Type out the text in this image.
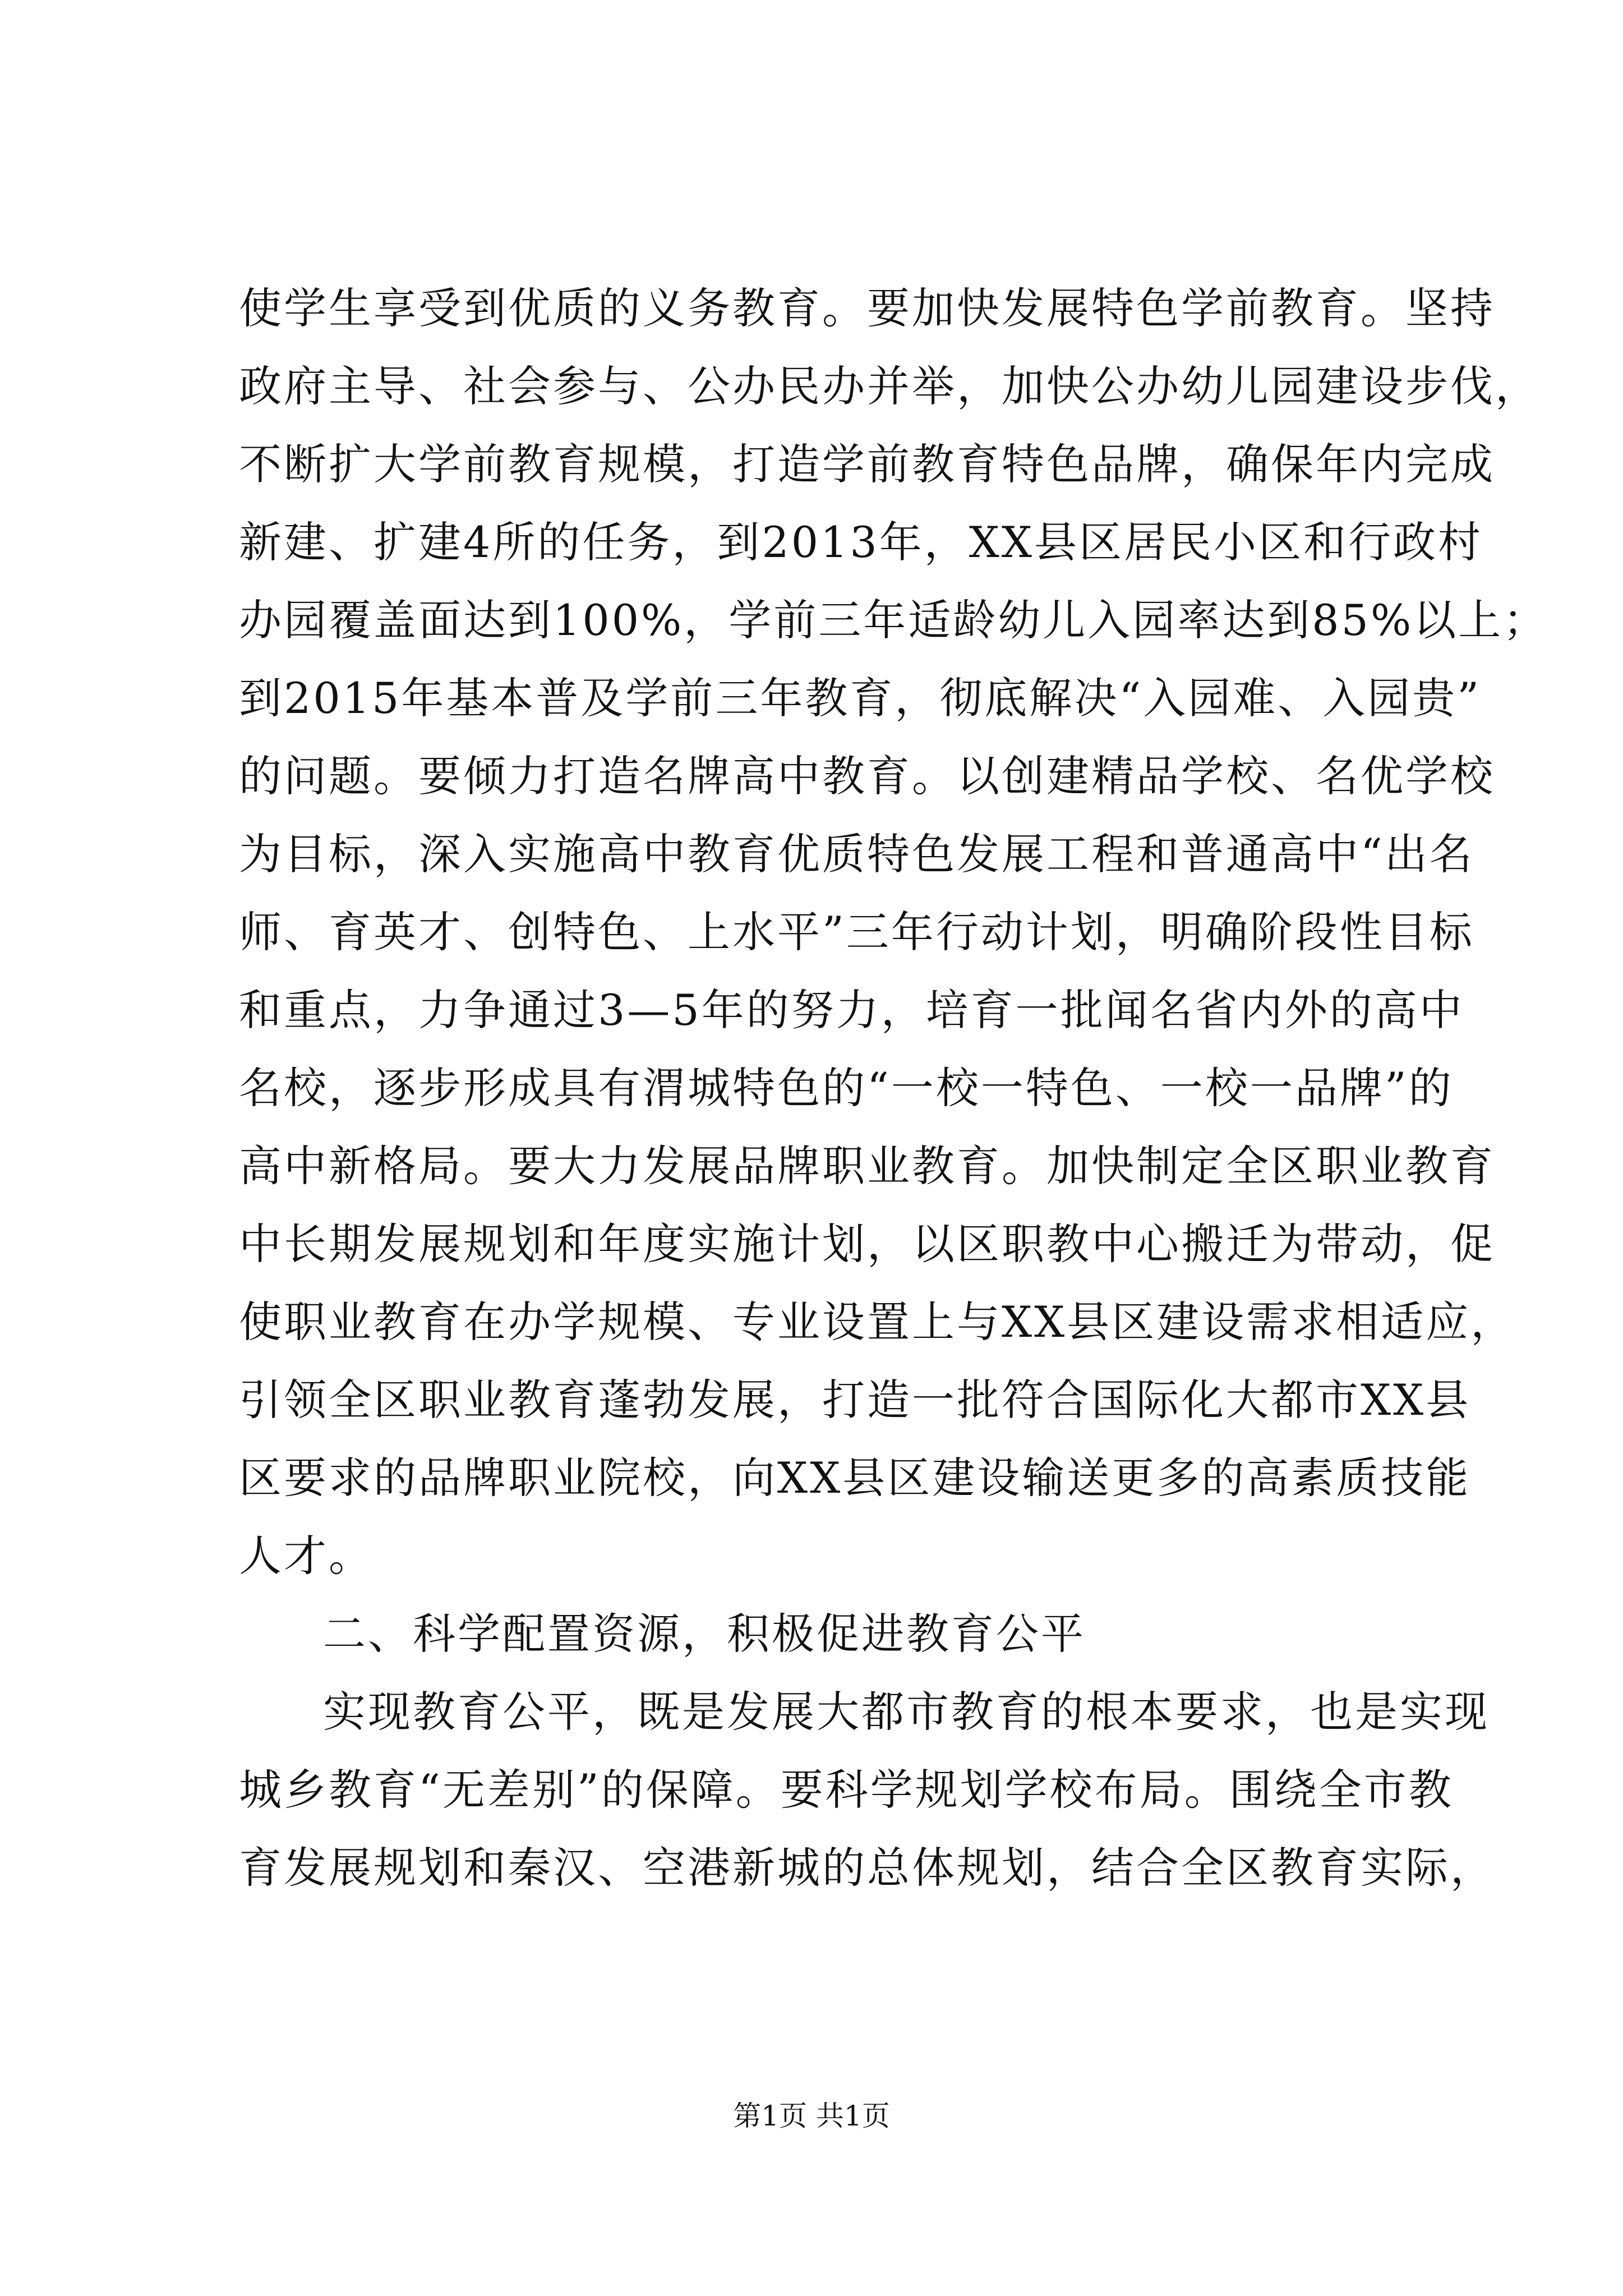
使学生享受到优质的义务教育。要加快发展特色学前教育。坚持
政府主导、社会参与、公办民办并举，加快公办幼儿园建设步伐，
不断扩大学前教育规模，打造学前教育特色品牌，确保年内完成
新建、扩建4所的任务，到2013年，XX县区居民小区和行政村
办园覆盖面达到100%，学前三年适龄幼儿入园率达到85%以上；
到2015年基本普及学前三年教育，彻底解决“入园难、入园贵”
的问题。要倾力打造名牌高中教育。以创建精品学校、名优学校
为目标，深入实施高中教育优质特色发展工程和普通高中“出名
师、育英才、创特色、上水平”三年行动计划，明确阶段性目标
和重点，力争通过3—5年的努力，培育一批闻名省内外的高中
名校，逐步形成具有渭城特色的“一校一特色、一校一品牌”的
高中新格局。要大力发展品牌职业教育。加快制定全区职业教育
中长期发展规划和年度实施计划，以区职教中心搬迁为带动，促
使职业教育在办学规模、专业设置上与XX县区建设需求相适应，
引领全区职业教育蓬勃发展，打造一批符合国际化大都市XX县
区要求的品牌职业院校，向XX县区建设输送更多的高素质技能
人才。
二、科学配置资源，积极促进教育公平
实现教育公平，既是发展大都市教育的根本要求，也是实现
城乡教育“无差别”的保障。要科学规划学校布局。围绕全市教
育发展规划和秦汉、空港新城的总体规划，结合全区教育实际，
第1页 共1页
